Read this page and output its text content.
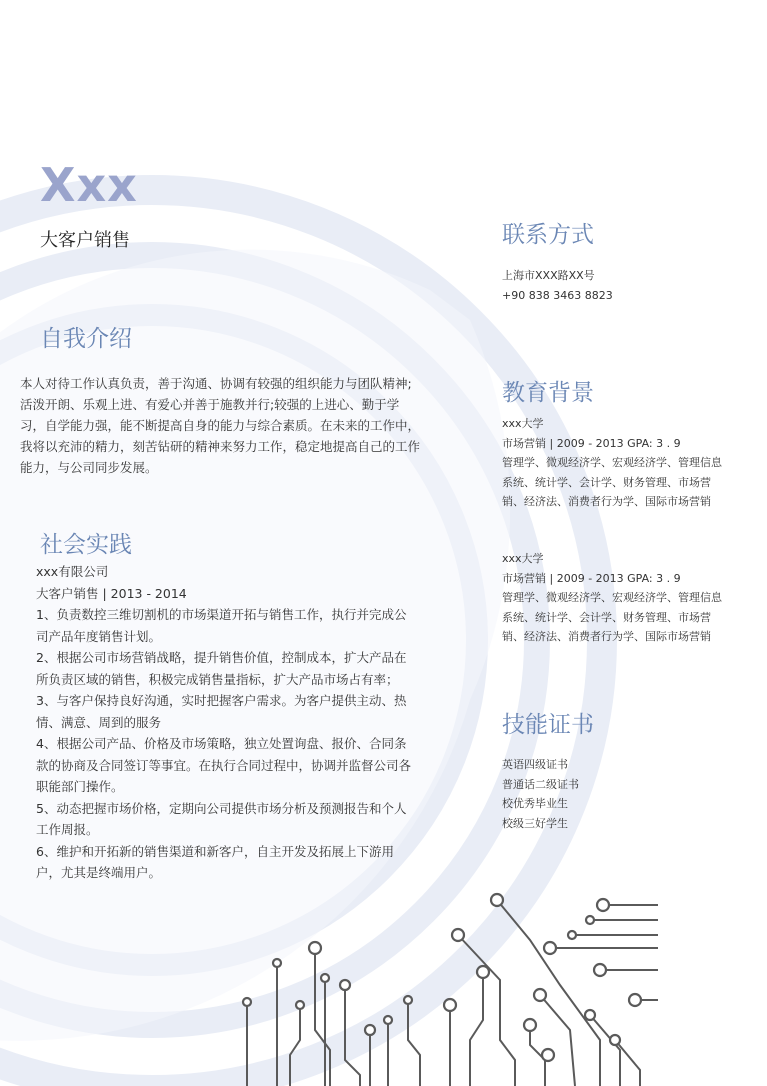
Xxx
大客户销售
自我介绍
本人对待工作认真负责，善于沟通、协调有较强的组织能力与团队精神;活泼开朗、乐观上进、有爱心并善于施教并行;较强的上进心、勤于学习，自学能力强，能不断提高自身的能力与综合素质。在未来的工作中，我将以充沛的精力，刻苦钻研的精神来努力工作，稳定地提高自己的工作能力，与公司同步发展。
社会实践
xxx有限公司
大客户销售 | 2013 - 2014
1、负责数控三维切割机的市场渠道开拓与销售工作，执行并完成公司产品年度销售计划。
2、根据公司市场营销战略，提升销售价值，控制成本，扩大产品在所负责区域的销售，积极完成销售量指标，扩大产品市场占有率；
3、与客户保持良好沟通，实时把握客户需求。为客户提供主动、热情、满意、周到的服务
4、根据公司产品、价格及市场策略，独立处置询盘、报价、合同条款的协商及合同签订等事宜。在执行合同过程中，协调并监督公司各职能部门操作。
5、动态把握市场价格，定期向公司提供市场分析及预测报告和个人工作周报。
6、维护和开拓新的销售渠道和新客户，自主开发及拓展上下游用户，尤其是终端用户。
联系方式
上海市XXX路XX号
+90 838 3463 8823
教育背景
xxx大学
市场营销 | 2009 - 2013 GPA: 3 . 9
管理学、微观经济学、宏观经济学、管理信息系统、统计学、会计学、财务管理、市场营销、经济法、消费者行为学、国际市场营销
xxx大学
市场营销 | 2009 - 2013 GPA: 3 . 9
管理学、微观经济学、宏观经济学、管理信息系统、统计学、会计学、财务管理、市场营销、经济法、消费者行为学、国际市场营销
技能证书
英语四级证书
普通话二级证书
校优秀毕业生
校级三好学生
